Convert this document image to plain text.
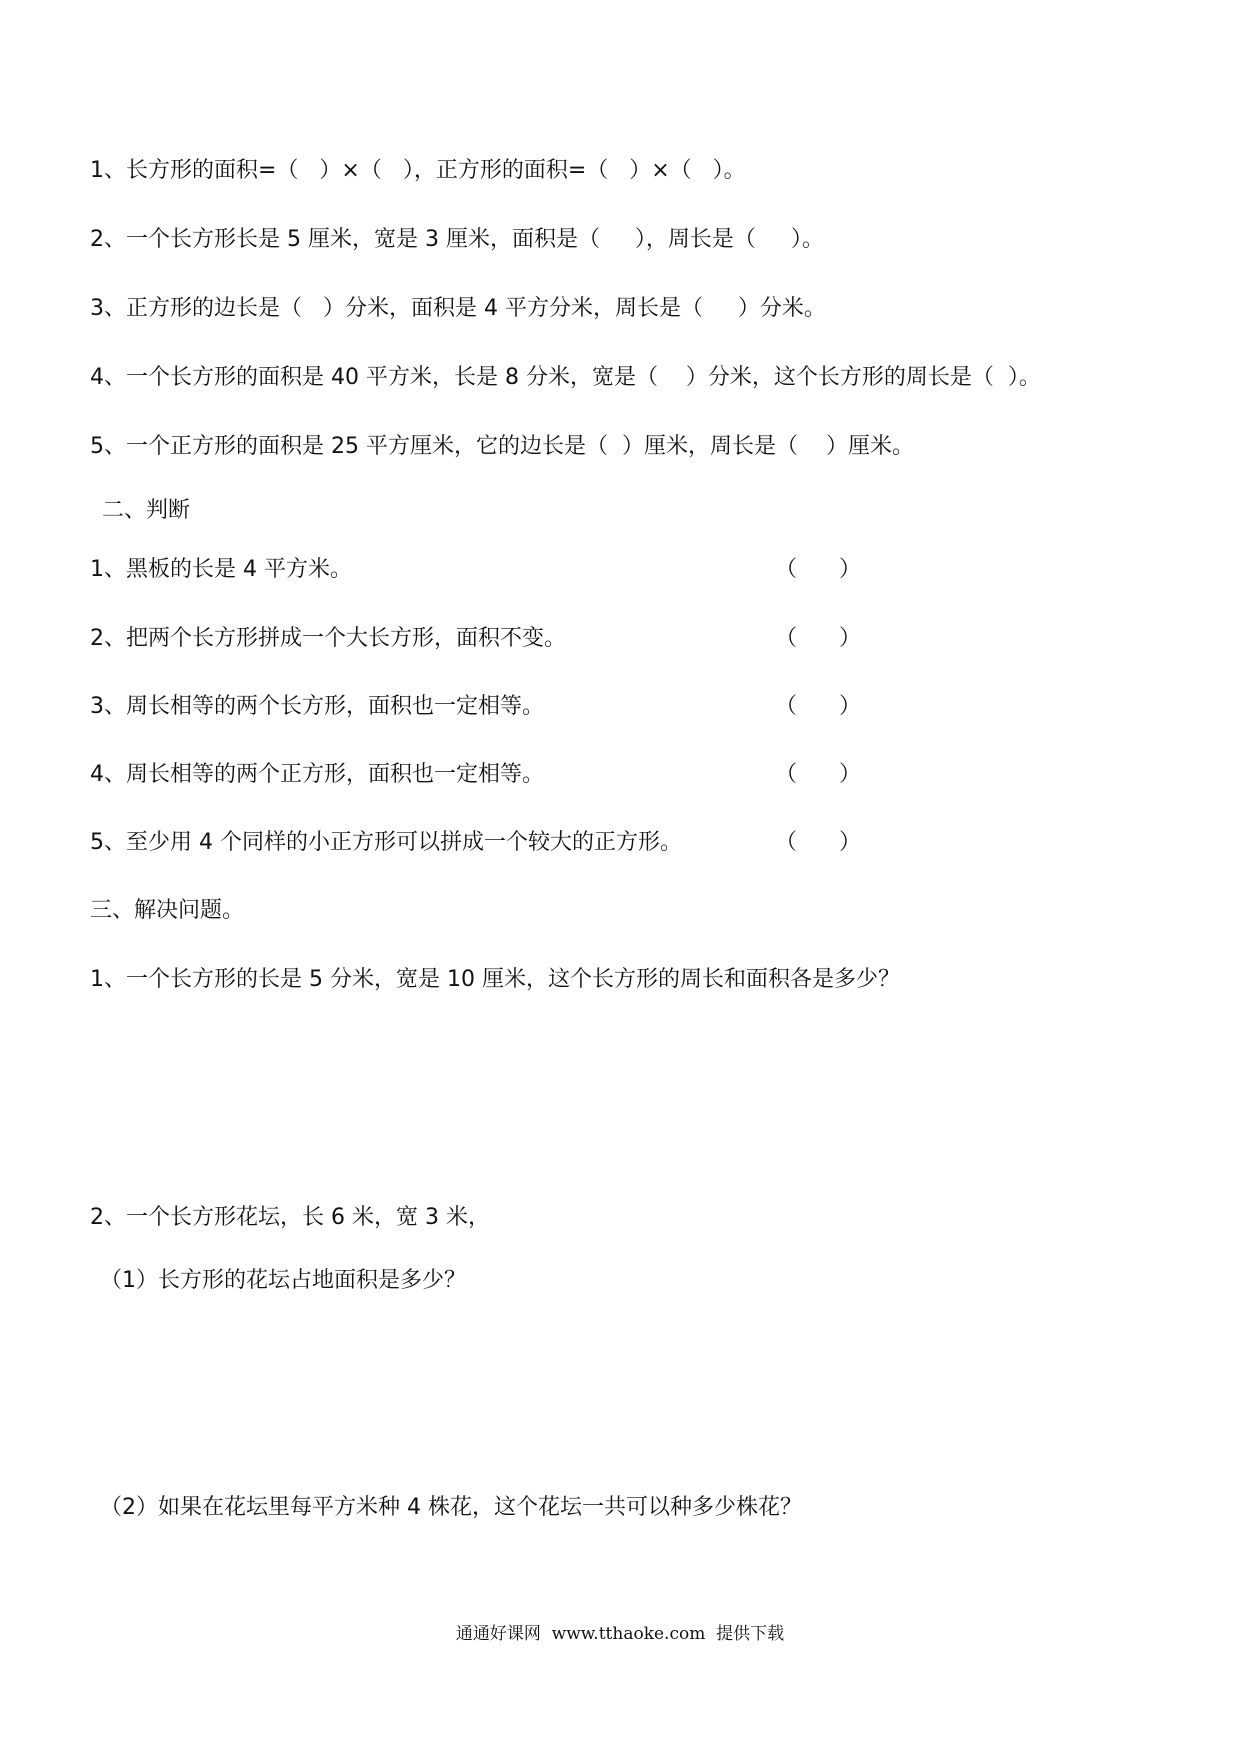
1、长方形的面积=（   ）×（   ），正方形的面积=（   ）×（   ）。
2、一个长方形长是 5 厘米，宽是 3 厘米，面积是（     ），周长是（     ）。
3、正方形的边长是（   ）分米，面积是 4 平方分米，周长是（     ）分米。
4、一个长方形的面积是 40 平方米，长是 8 分米，宽是（    ）分米，这个长方形的周长是（  ）。
5、一个正方形的面积是 25 平方厘米，它的边长是（  ）厘米，周长是（    ）厘米。
二、判断
1、黑板的长是 4 平方米。	（      ）
2、把两个长方形拼成一个大长方形，面积不变。	（      ）
3、周长相等的两个长方形，面积也一定相等。	（      ）
4、周长相等的两个正方形，面积也一定相等。	（      ）
5、至少用 4 个同样的小正方形可以拼成一个较大的正方形。	（      ）
三、解决问题。
1、一个长方形的长是 5 分米，宽是 10 厘米，这个长方形的周长和面积各是多少？
2、一个长方形花坛，长 6 米，宽 3 米，
（1）长方形的花坛占地面积是多少？
（2）如果在花坛里每平方米种 4 株花，这个花坛一共可以种多少株花？
通通好课网  www.tthaoke.com  提供下载
